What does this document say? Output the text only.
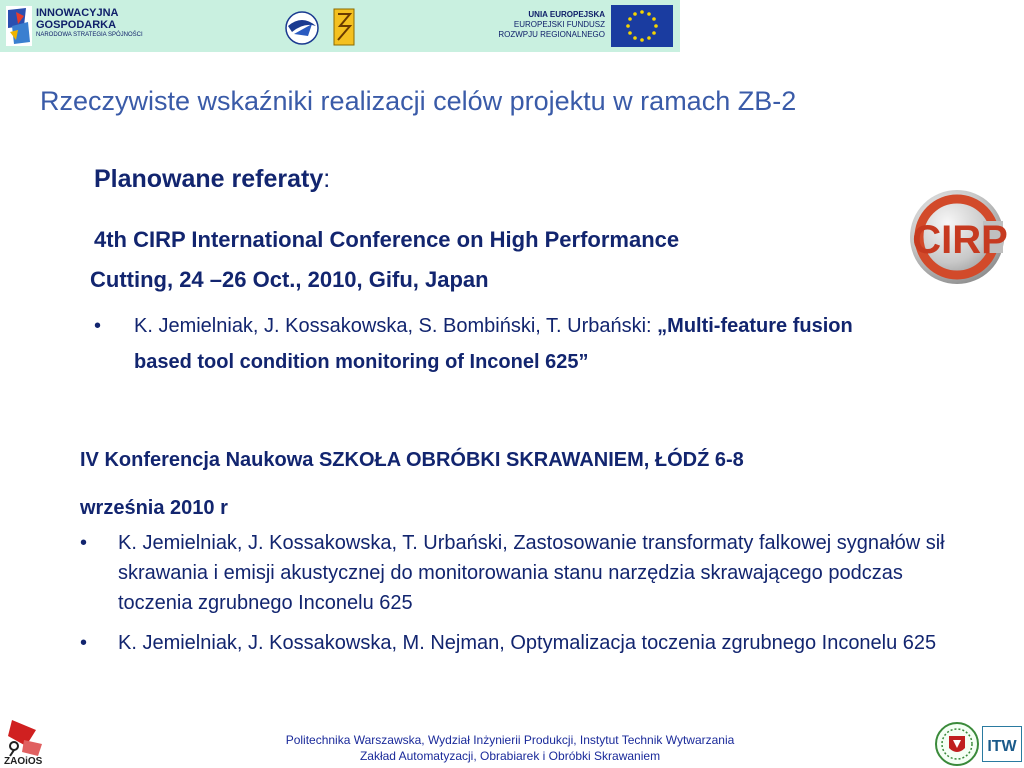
INNOWACYJNA
GOSPODARKA
NARODOWA STRATEGIA SPÓJNOŚCI
UNIA EUROPEJSKA
EUROPEJSKI FUNDUSZ
ROZWPJU REGIONALNEGO
Rzeczywiste wskaźniki realizacji celów projektu w ramach ZB-2
Planowane referaty:
4th CIRP International Conference on High Performance
Cutting, 24 –26 Oct., 2010, Gifu, Japan
CIRP
• K. Jemielniak, J. Kossakowska, S. Bombiński, T. Urbański: „Multi-feature fusion based tool condition monitoring of Inconel 625”
IV Konferencja Naukowa SZKOŁA OBRÓBKI SKRAWANIEM, ŁÓDŹ 6-8
września 2010 r
• K. Jemielniak, J. Kossakowska, T. Urbański, Zastosowanie transformaty falkowej sygnałów sił skrawania i emisji akustycznej do monitorowania stanu narzędzia skrawającego podczas toczenia zgrubnego Inconelu 625
• K. Jemielniak, J. Kossakowska, M. Nejman, Optymalizacja toczenia zgrubnego Inconelu 625
ZAOiOS
Politechnika Warszawska, Wydział Inżynierii Produkcji, Instytut Technik Wytwarzania
Zakład Automatyzacji, Obrabiarek i Obróbki Skrawaniem
ITW
